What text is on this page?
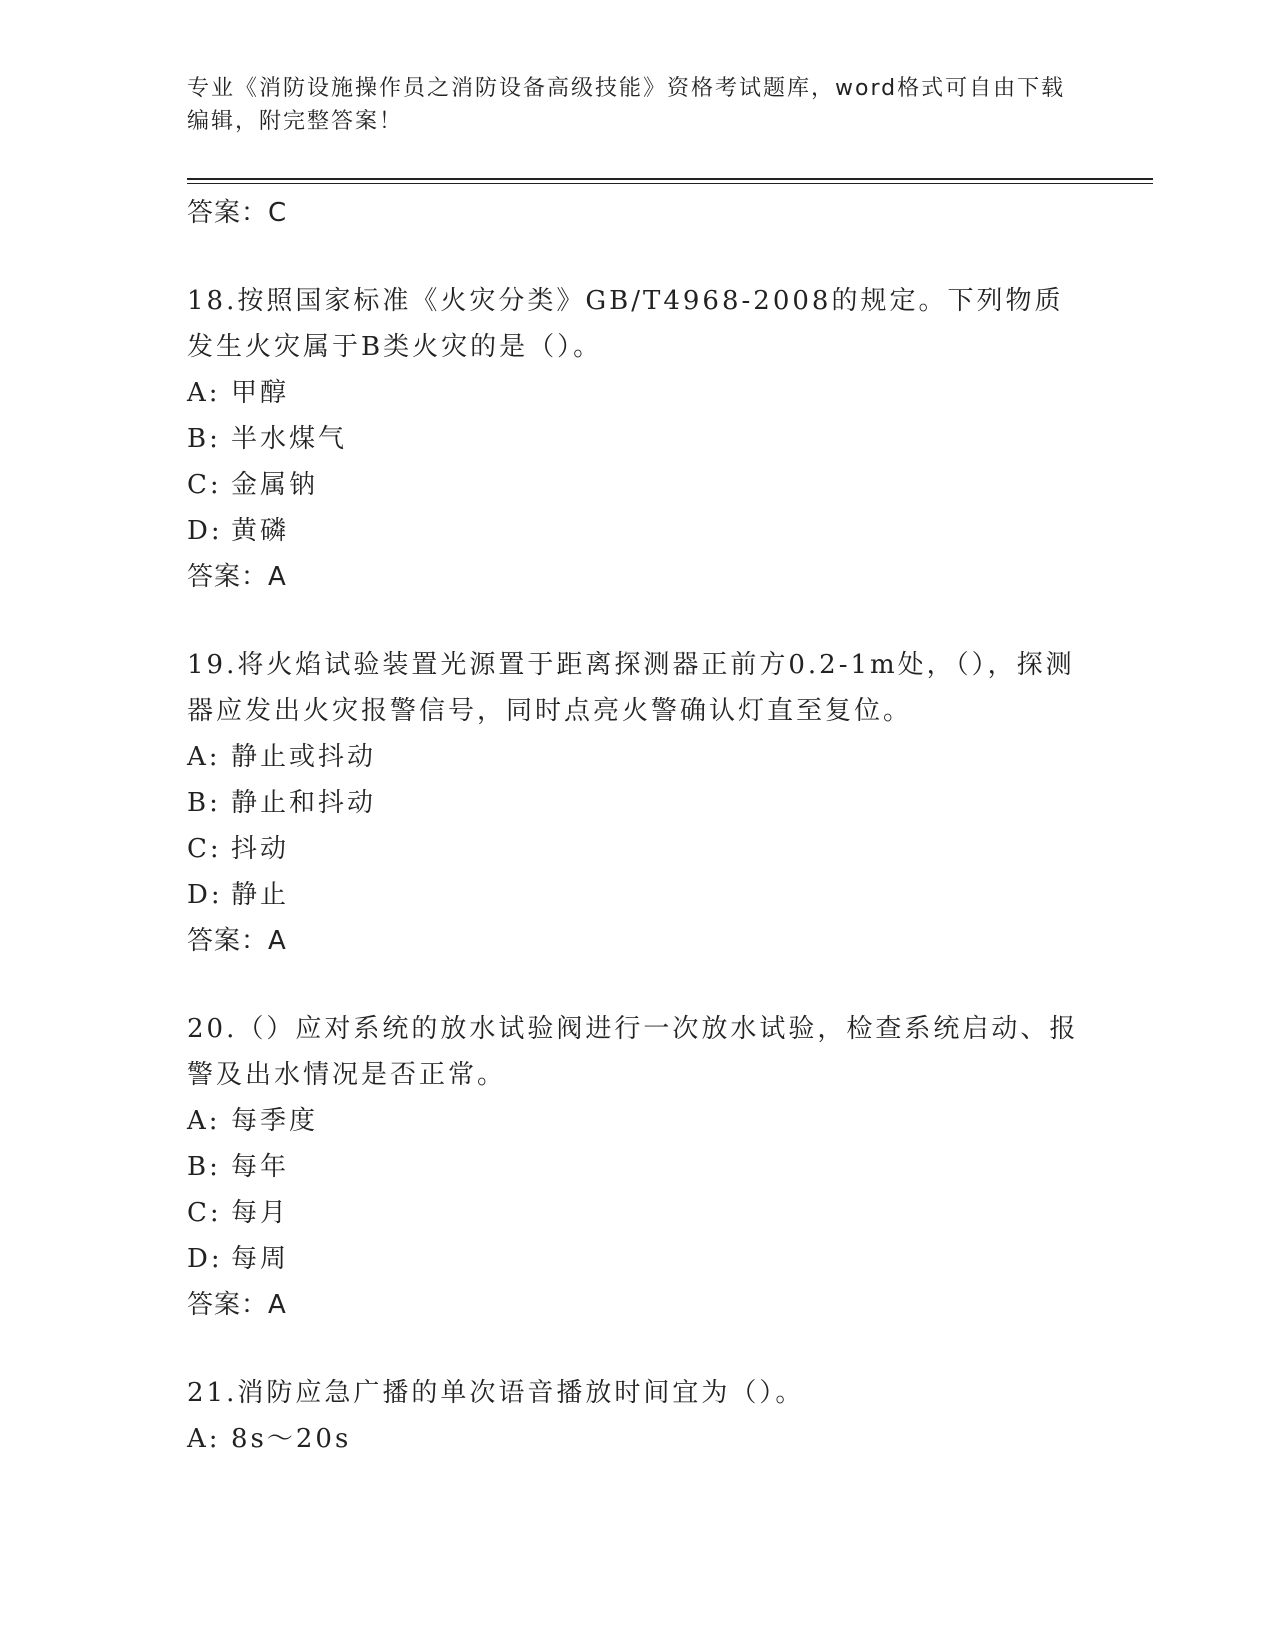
专业《消防设施操作员之消防设备高级技能》资格考试题库，word格式可自由下载编辑，附完整答案！
答案：C
18.按照国家标准《火灾分类》GB/T4968-2008的规定。下列物质发生火灾属于B类火灾的是（）。
A: 甲醇
B: 半水煤气
C: 金属钠
D: 黄磷
答案：A
19.将火焰试验装置光源置于距离探测器正前方0.2-1m处，（），探测器应发出火灾报警信号，同时点亮火警确认灯直至复位。
A: 静止或抖动
B: 静止和抖动
C: 抖动
D: 静止
答案：A
20.（）应对系统的放水试验阀进行一次放水试验，检查系统启动、报警及出水情况是否正常。
A: 每季度
B: 每年
C: 每月
D: 每周
答案：A
21.消防应急广播的单次语音播放时间宜为（）。
A: 8s～20s
